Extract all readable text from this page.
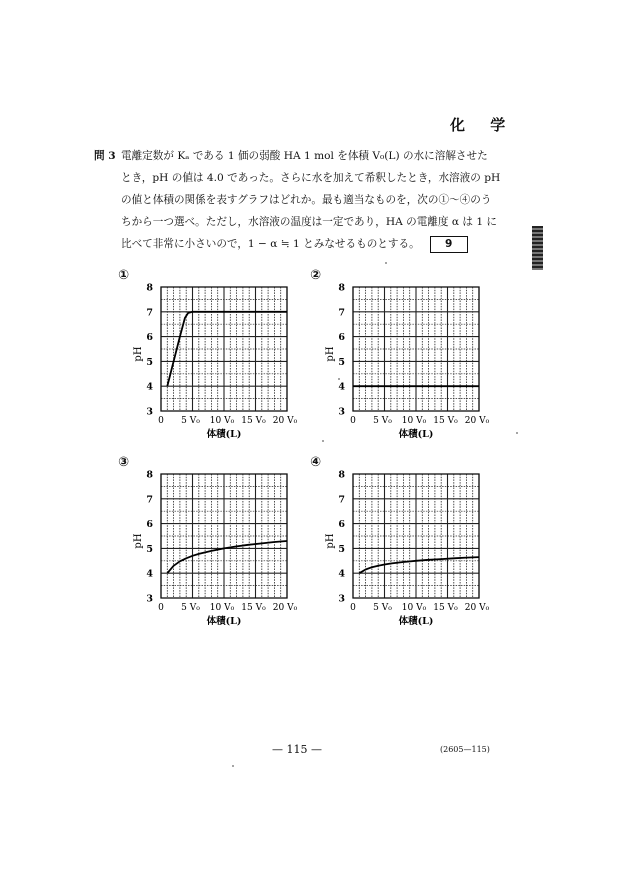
化 学
問 3 電離定数が Kₐ である 1 価の弱酸 HA 1 mol を体積 V₀(L) の水に溶解させた
とき，pH の値は 4.0 であった。さらに水を加えて希釈したとき，水溶液の pH
の値と体積の関係を表すグラフはどれか。最も適当なものを，次の①～④のう
ちから一つ選べ。ただし，水溶液の温度は一定であり，HA の電離度 α は 1 に
比べて非常に小さいので，1 − α ≒ 1 とみなせるものとする。 9
①
3
4
5
6
7
8
0 5 V₀ 10 V₀ 15 V₀ 20 V₀
体積(L)
pH
②
3
4
5
6
7
8
0 5 V₀ 10 V₀ 15 V₀ 20 V₀
体積(L)
pH
③
3
4
5
6
7
8
0 5 V₀ 10 V₀ 15 V₀ 20 V₀
体積(L)
pH
④
3
4
5
6
7
8
0 5 V₀ 10 V₀ 15 V₀ 20 V₀
体積(L)
pH
— 115 —	(2605—115)
